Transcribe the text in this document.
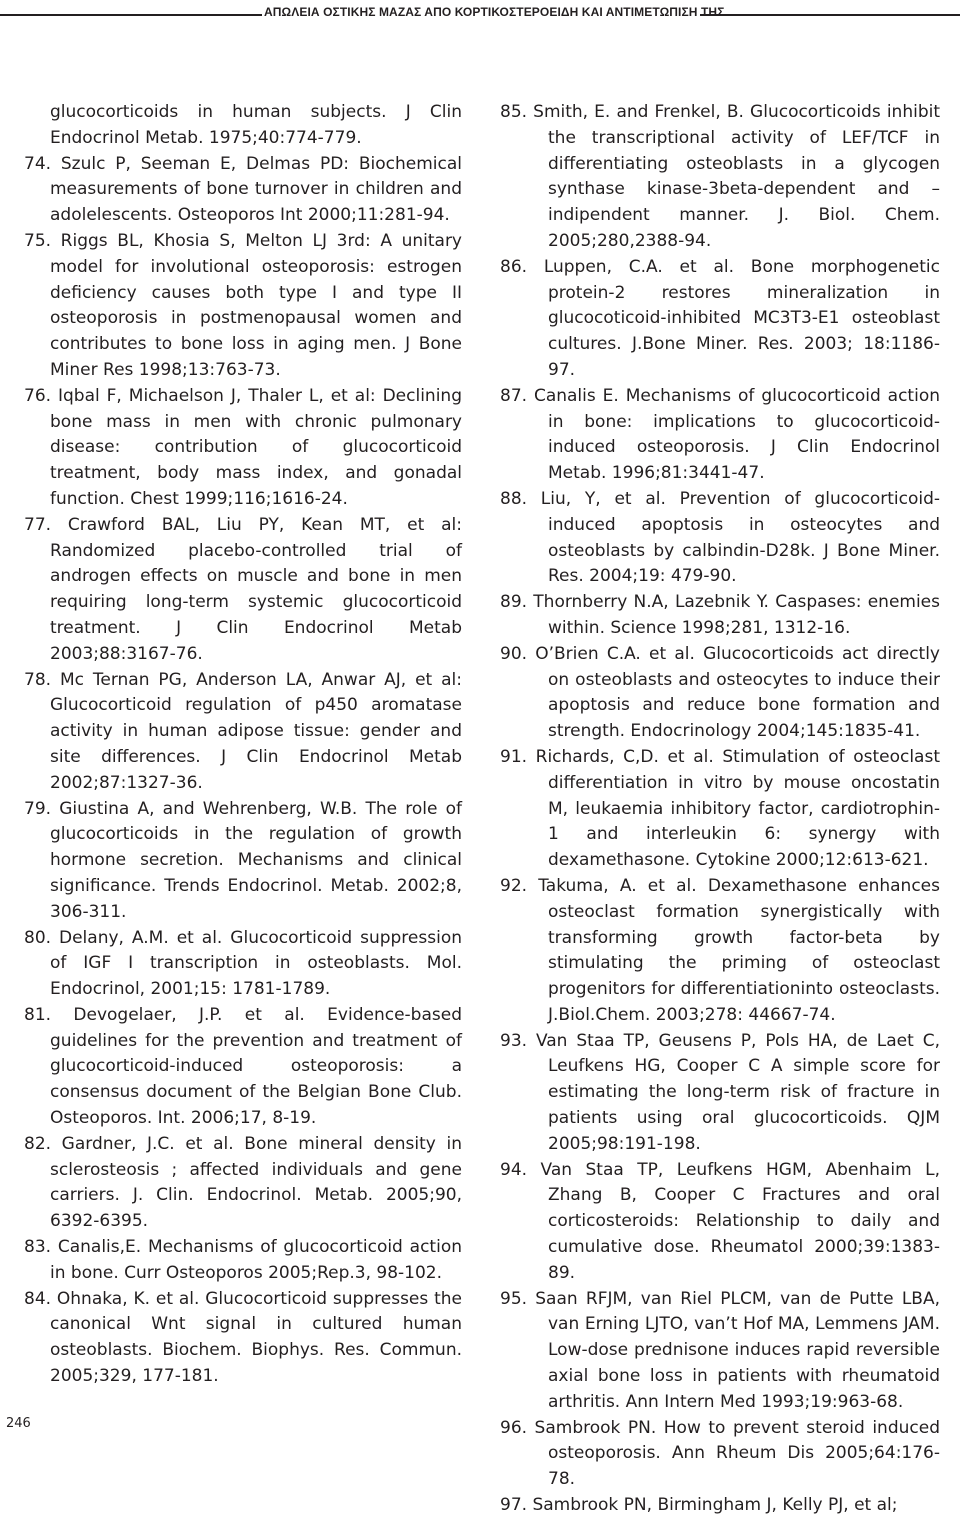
ΑΠΩΛΕΙΑ ΟΣΤΙΚΗΣ ΜΑΖΑΣ ΑΠΟ ΚΟΡΤΙΚΟΣΤΕΡΟΕΙΔΗ ΚΑΙ ΑΝΤΙΜΕΤΩΠΙΣΗ ΤΗΣ

glucocorticoids in human subjects. J Clin Endocrinol Metab. 1975;40:774-779.

74. Szulc P, Seeman E, Delmas PD: Biochemical measurements of bone turnover in children and adolelescents. Osteoporos Int 2000;11:281-94.

75. Riggs BL, Khosia S, Melton LJ 3rd: A unitary model for involutional osteoporosis: estrogen deficiency causes both type I and type II osteoporosis in postmenopausal women and contributes to bone loss in aging men. J Bone Miner Res 1998;13:763-73.

76. Iqbal F, Michaelson J, Thaler L, et al: Declining bone mass in men with chronic pulmonary disease: contribution of glucocorticoid treatment, body mass index, and gonadal function. Chest 1999;116;1616-24.

77. Crawford BAL, Liu PY, Kean MT, et al: Randomized placebo-controlled trial of androgen effects on muscle and bone in men requiring long-term systemic glucocorticoid treatment. J Clin Endocrinol Metab 2003;88:3167-76.

78. Mc Ternan PG, Anderson LA, Anwar AJ, et al: Glucocorticoid regulation of p450 aromatase activity in human adipose tissue: gender and site differences. J Clin Endocrinol Metab 2002;87:1327-36.

79. Giustina A, and Wehrenberg, W.B. The role of glucocorticoids in the regulation of growth hormone secretion. Mechanisms and clinical significance. Trends Endocrinol. Metab. 2002;8, 306-311.

80. Delany, A.M. et al. Glucocorticoid suppression of IGF I transcription in osteoblasts. Mol. Endocrinol, 2001;15: 1781-1789.

81. Devogelaer, J.P. et al. Evidence-based guidelines for the prevention and treatment of glucocorticoid-induced osteoporosis: a consensus document of the Belgian Bone Club. Osteoporos. Int. 2006;17, 8-19.

82. Gardner, J.C. et al. Bone mineral density in sclerosteosis ; affected individuals and gene carriers. J. Clin. Endocrinol. Metab. 2005;90, 6392-6395.

83. Canalis,E. Mechanisms of glucocorticoid action in bone. Curr Osteoporos 2005;Rep.3, 98-102.

84. Ohnaka, K. et al. Glucocorticoid suppresses the canonical Wnt signal in cultured human osteoblasts. Biochem. Biophys. Res. Commun. 2005;329, 177-181.

85. Smith, E. and Frenkel, B. Glucocorticoids inhibit the transcriptional activity of LEF/TCF in differentiating osteoblasts in a glycogen synthase kinase-3beta-dependent and –indipendent manner. J. Biol. Chem. 2005;280,2388-94.

86. Luppen, C.A. et al. Bone morphogenetic protein-2 restores mineralization in glucocoticoid-inhibited MC3T3-E1 osteoblast cultures. J.Bone Miner. Res. 2003; 18:1186-97.

87. Canalis E. Mechanisms of glucocorticoid action in bone: implications to glucocorticoid-induced osteoporosis. J Clin Endocrinol Metab. 1996;81:3441-47.

88. Liu, Y, et al. Prevention of glucocorticoid-induced apoptosis in osteocytes and osteoblasts by calbindin-D28k. J Bone Miner. Res. 2004;19: 479-90.

89. Thornberry N.A, Lazebnik Y. Caspases: enemies within. Science 1998;281, 1312-16.

90. O’Brien C.A. et al. Glucocorticoids act directly on osteoblasts and osteocytes to induce their apoptosis and reduce bone formation and strength. Endocrinology 2004;145:1835-41.

91. Richards, C,D. et al. Stimulation of osteoclast differentiation in vitro by mouse oncostatin M, leukaemia inhibitory factor, cardiotrophin-1 and interleukin 6: synergy with dexamethasone. Cytokine 2000;12:613-621.

92. Takuma, A. et al. Dexamethasone enhances osteoclast formation synergistically with transforming growth factor-beta by stimulating the priming of osteoclast progenitors for differentiationinto osteoclasts. J.Biol.Chem. 2003;278: 44667-74.

93. Van Staa TP, Geusens P, Pols HA, de Laet C, Leufkens HG, Cooper C A simple score for estimating the long-term risk of fracture in patients using oral glucocorticoids. QJM 2005;98:191-198.

94. Van Staa TP, Leufkens HGM, Abenhaim L, Zhang B, Cooper C Fractures and oral corticosteroids: Relationship to daily and cumulative dose. Rheumatol 2000;39:1383-89.

95. Saan RFJM, van Riel PLCM, van de Putte LBA, van Erning LJTO, van’t Hof MA, Lemmens JAM. Low-dose prednisone induces rapid reversible axial bone loss in patients with rheumatoid arthritis. Ann Intern Med 1993;19:963-68.

96. Sambrook PN. How to prevent steroid induced osteoporosis. Ann Rheum Dis 2005;64:176-78.

97. Sambrook PN, Birmingham J, Kelly PJ, et al;

246
